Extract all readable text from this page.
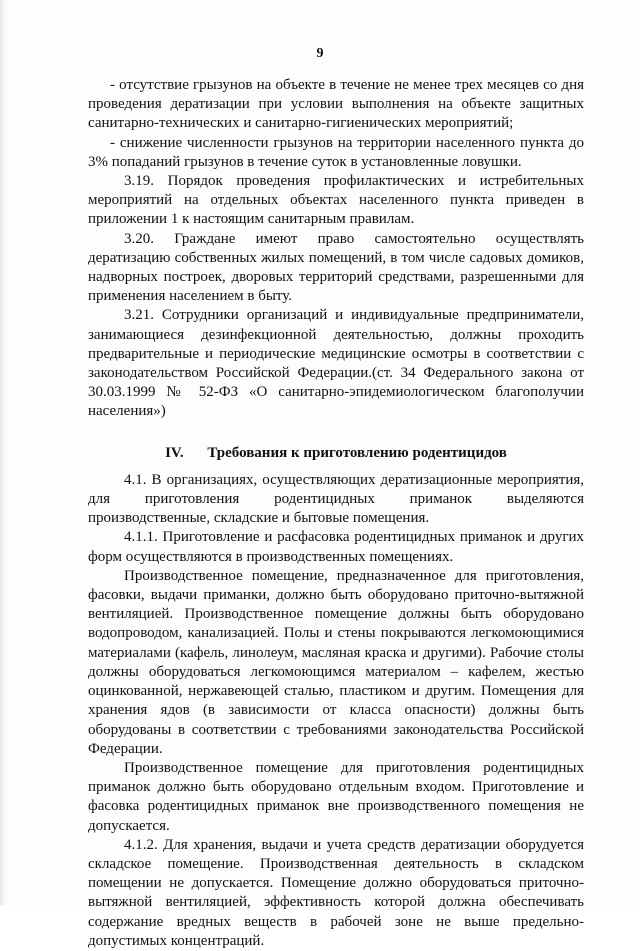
9

- отсутствие грызунов на объекте в течение не менее трех месяцев со дня проведения дератизации при условии выполнения на объекте защитных санитарно-технических и санитарно-гигиенических мероприятий;

- снижение численности грызунов на территории населенного пункта до 3% попаданий грызунов в течение суток в установленные ловушки.

3.19. Порядок проведения профилактических и истребительных мероприятий на отдельных объектах населенного пункта приведен в приложении 1 к настоящим санитарным правилам.

3.20. Граждане имеют право самостоятельно осуществлять дератизацию собственных жилых помещений, в том числе садовых домиков, надворных построек, дворовых территорий средствами, разрешенными для применения населением в быту.

3.21. Сотрудники организаций и индивидуальные предприниматели, занимающиеся дезинфекционной деятельностью, должны проходить предварительные и периодические медицинские осмотры в соответствии с законодательством Российской Федерации.(ст. 34 Федерального закона от 30.03.1999 № 52-ФЗ «О санитарно-эпидемиологическом благополучии населения»)

IV. Требования к приготовлению родентицидов

4.1. В организациях, осуществляющих дератизационные мероприятия, для приготовления родентицидных приманок выделяются производственные, складские и бытовые помещения.

4.1.1. Приготовление и расфасовка родентицидных приманок и других форм осуществляются в производственных помещениях.

Производственное помещение, предназначенное для приготовления, фасовки, выдачи приманки, должно быть оборудовано приточно-вытяжной вентиляцией. Производственное помещение должны быть оборудовано водопроводом, канализацией. Полы и стены покрываются легкомоющимися материалами (кафель, линолеум, масляная краска и другими). Рабочие столы должны оборудоваться легкомоющимся материалом – кафелем, жестью оцинкованной, нержавеющей сталью, пластиком и другим. Помещения для хранения ядов (в зависимости от класса опасности) должны быть оборудованы в соответствии с требованиями законодательства Российской Федерации.

Производственное помещение для приготовления родентицидных приманок должно быть оборудовано отдельным входом. Приготовление и фасовка родентицидных приманок вне производственного помещения не допускается.

4.1.2. Для хранения, выдачи и учета средств дератизации оборудуется складское помещение. Производственная деятельность в складском помещении не допускается. Помещение должно оборудоваться приточно-вытяжной вентиляцией, эффективность которой должна обеспечивать содержание вредных веществ в рабочей зоне не выше предельно-допустимых концентраций.
